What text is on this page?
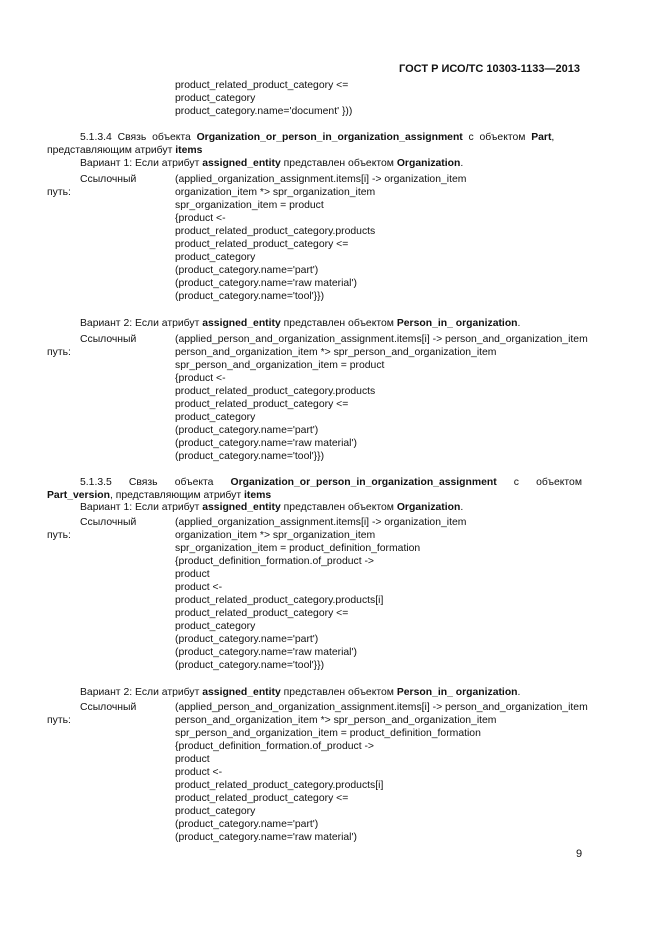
ГОСТ Р ИСО/ТС 10303-1133—2013
product_related_product_category <=
product_category
product_category.name='document' }))
5.1.3.4 Связь объекта Organization_or_person_in_organization_assignment с объектом Part,
представляющим атрибут items
Вариант 1: Если атрибут assigned_entity представлен объектом Organization.
Ссылочный
путь:
(applied_organization_assignment.items[i] -> organization_item
organization_item *> spr_organization_item
spr_organization_item = product
{product <-
product_related_product_category.products
product_related_product_category <=
product_category
(product_category.name='part')
(product_category.name='raw material')
(product_category.name='tool'}})
Вариант 2: Если атрибут assigned_entity представлен объектом Person_in_ organization.
Ссылочный
путь:
(applied_person_and_organization_assignment.items[i] -> person_and_organization_item
person_and_organization_item *> spr_person_and_organization_item
spr_person_and_organization_item = product
{product <-
product_related_product_category.products
product_related_product_category <=
product_category
(product_category.name='part')
(product_category.name='raw material')
(product_category.name='tool'}})
5.1.3.5 Связь объекта Organization_or_person_in_organization_assignment с объектом
Part_version, представляющим атрибут items
Вариант 1: Если атрибут assigned_entity представлен объектом Organization.
Ссылочный
путь:
(applied_organization_assignment.items[i] -> organization_item
organization_item *> spr_organization_item
spr_organization_item = product_definition_formation
{product_definition_formation.of_product ->
product
product <-
product_related_product_category.products[i]
product_related_product_category <=
product_category
(product_category.name='part')
(product_category.name='raw material')
(product_category.name='tool'}})
Вариант 2: Если атрибут assigned_entity представлен объектом Person_in_ organization.
Ссылочный
путь:
(applied_person_and_organization_assignment.items[i] -> person_and_organization_item
person_and_organization_item *> spr_person_and_organization_item
spr_person_and_organization_item = product_definition_formation
{product_definition_formation.of_product ->
product
product <-
product_related_product_category.products[i]
product_related_product_category <=
product_category
(product_category.name='part')
(product_category.name='raw material')
9
